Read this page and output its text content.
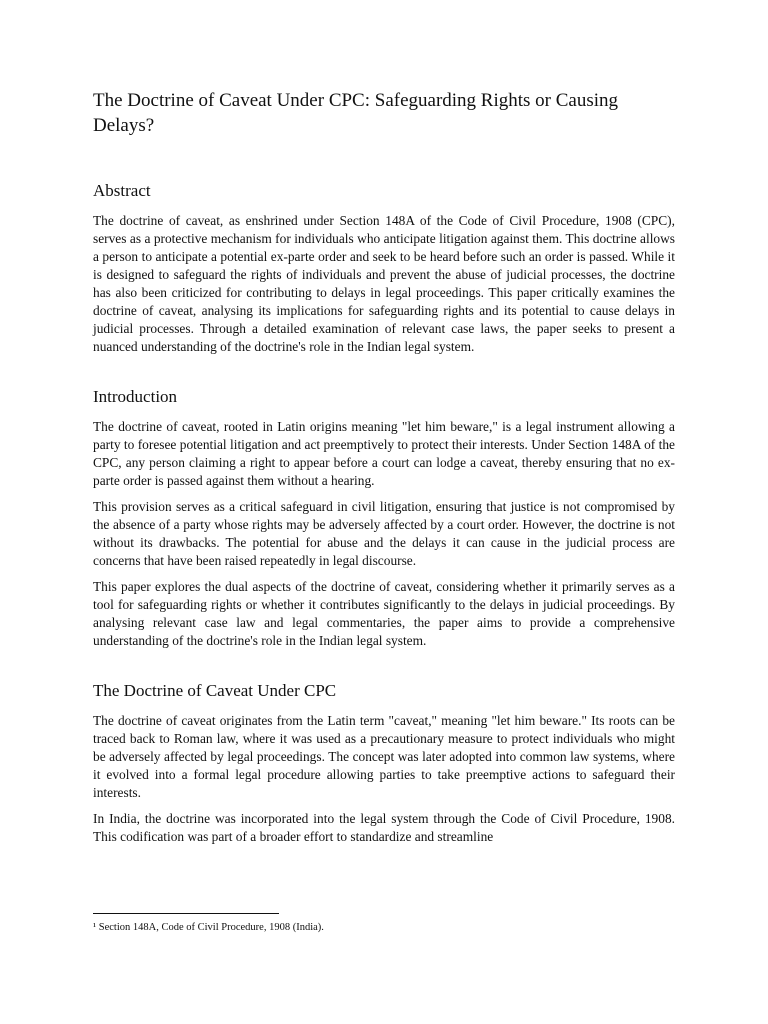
The Doctrine of Caveat Under CPC: Safeguarding Rights or Causing Delays?
Abstract

The doctrine of caveat, as enshrined under Section 148A of the Code of Civil Procedure, 1908 (CPC), serves as a protective mechanism for individuals who anticipate litigation against them. This doctrine allows a person to anticipate a potential ex-parte order and seek to be heard before such an order is passed. While it is designed to safeguard the rights of individuals and prevent the abuse of judicial processes, the doctrine has also been criticized for contributing to delays in legal proceedings. This paper critically examines the doctrine of caveat, analysing its implications for safeguarding rights and its potential to cause delays in judicial processes. Through a detailed examination of relevant case laws, the paper seeks to present a nuanced understanding of the doctrine's role in the Indian legal system.

Introduction

The doctrine of caveat, rooted in Latin origins meaning "let him beware," is a legal instrument allowing a party to foresee potential litigation and act preemptively to protect their interests. Under Section 148A of the CPC, any person claiming a right to appear before a court can lodge a caveat, thereby ensuring that no ex-parte order is passed against them without a hearing.

This provision serves as a critical safeguard in civil litigation, ensuring that justice is not compromised by the absence of a party whose rights may be adversely affected by a court order. However, the doctrine is not without its drawbacks. The potential for abuse and the delays it can cause in the judicial process are concerns that have been raised repeatedly in legal discourse.

This paper explores the dual aspects of the doctrine of caveat, considering whether it primarily serves as a tool for safeguarding rights or whether it contributes significantly to the delays in judicial proceedings. By analysing relevant case law and legal commentaries, the paper aims to provide a comprehensive understanding of the doctrine's role in the Indian legal system.

The Doctrine of Caveat Under CPC

The doctrine of caveat originates from the Latin term "caveat," meaning "let him beware." Its roots can be traced back to Roman law, where it was used as a precautionary measure to protect individuals who might be adversely affected by legal proceedings. The concept was later adopted into common law systems, where it evolved into a formal legal procedure allowing parties to take preemptive actions to safeguard their interests.

In India, the doctrine was incorporated into the legal system through the Code of Civil Procedure, 1908. This codification was part of a broader effort to standardize and streamline

¹ Section 148A, Code of Civil Procedure, 1908 (India).
